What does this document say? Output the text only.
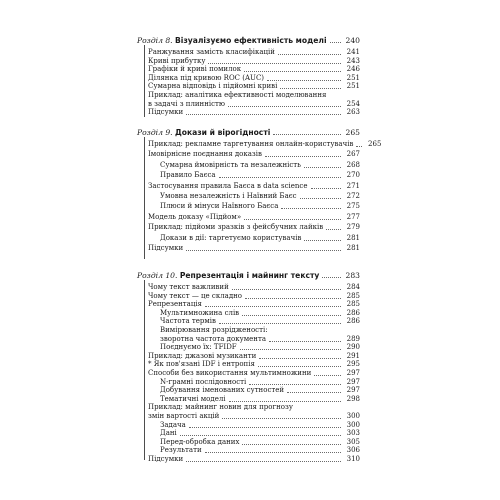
Розділ 8. Візуалізуємо ефективність моделі 240
Ранжування замість класифікацій	241
Криві прибутку	243
Графіки й криві помилок	246
Ділянка під кривою ROC (AUC)	251
Сумарна відповідь і підйомні криві	251
Приклад: аналітика ефективності моделювання
в задачі з плинністю	254
Підсумки	263
Розділ 9. Докази й вірогідності	265
Приклад: рекламне таргетування онлайн-користувачів	265
Імовірнісне поєднання доказів	267
Сумарна ймовірність та незалежність	268
Правило Баєса	270
Застосування правила Баєса в data science	271
Умовна незалежність і Наївний Баєс	272
Плюси й мінуси Наївного Баєса	275
Модель доказу «Підйом»	277
Приклад: підйоми зразків з фейсбучних лайків	279
Докази в дії: таргетуємо користувачів	281
Підсумки	281
Розділ 10. Репрезентація і майнинг тексту	283
Чому текст важливий	284
Чому текст — це складно	285
Репрезентація	285
Мультимножина слів	286
Частота термів	286
Вимірювання розрідженості:
зворотна частота документа	289
Поєднуємо їх: TFIDF	290
Приклад: джазові музиканти	291
* Як пов'язані IDF і ентропія	295
Способи без використання мультимножини	297
N-грамні послідовності	297
Добування іменованих сутностей	297
Тематичні моделі	298
Приклад: майнинг новин для прогнозу
змін вартості акцій	300
Задача	300
Дані	303
Перед-обробка даних	305
Результати	306
Підсумки	310
